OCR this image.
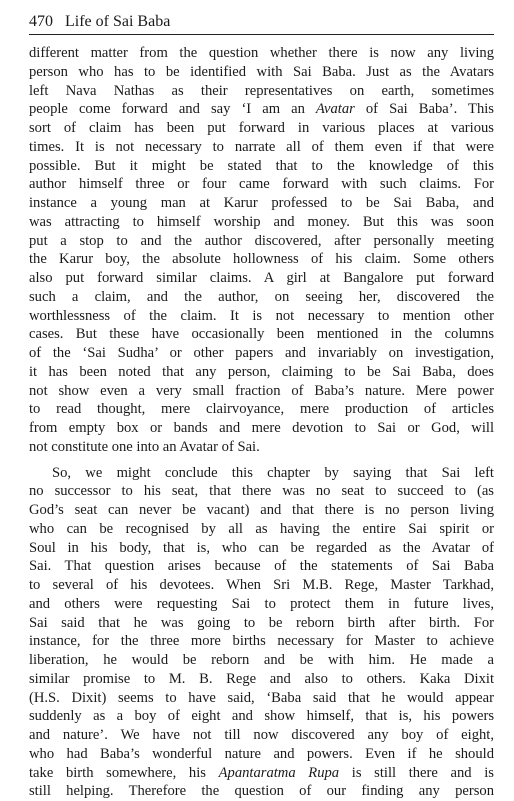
470 Life of Sai Baba
different matter from the question whether there is now any living
person who has to be identified with Sai Baba. Just as the Avatars
left Nava Nathas as their representatives on earth, sometimes
people come forward and say ‘I am an Avatar of Sai Baba’. This
sort of claim has been put forward in various places at various
times. It is not necessary to narrate all of them even if that were
possible. But it might be stated that to the knowledge of this
author himself three or four came forward with such claims. For
instance a young man at Karur professed to be Sai Baba, and
was attracting to himself worship and money. But this was soon
put a stop to and the author discovered, after personally meeting
the Karur boy, the absolute hollowness of his claim. Some others
also put forward similar claims. A girl at Bangalore put forward
such a claim, and the author, on seeing her, discovered the
worthlessness of the claim. It is not necessary to mention other
cases. But these have occasionally been mentioned in the columns
of the ‘Sai Sudha’ or other papers and invariably on investigation,
it has been noted that any person, claiming to be Sai Baba, does
not show even a very small fraction of Baba’s nature. Mere power
to read thought, mere clairvoyance, mere production of articles
from empty box or bands and mere devotion to Sai or God, will
not constitute one into an Avatar of Sai.
So, we might conclude this chapter by saying that Sai left
no successor to his seat, that there was no seat to succeed to (as
God’s seat can never be vacant) and that there is no person living
who can be recognised by all as having the entire Sai spirit or
Soul in his body, that is, who can be regarded as the Avatar of
Sai. That question arises because of the statements of Sai Baba
to several of his devotees. When Sri M.B. Rege, Master Tarkhad,
and others were requesting Sai to protect them in future lives,
Sai said that he was going to be reborn birth after birth. For
instance, for the three more births necessary for Master to achieve
liberation, he would be reborn and be with him. He made a
similar promise to M. B. Rege and also to others. Kaka Dixit
(H.S. Dixit) seems to have said, ‘Baba said that he would appear
suddenly as a boy of eight and show himself, that is, his powers
and nature’. We have not till now discovered any boy of eight,
who had Baba’s wonderful nature and powers. Even if he should
take birth somewhere, his Apantaratma Rupa is still there and is
still helping. Therefore the question of our finding any person
